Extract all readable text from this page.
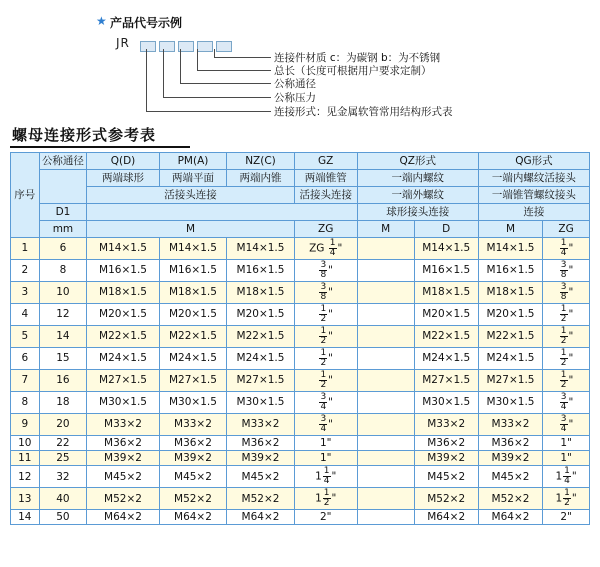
★ 产品代号示例
JR
连接件材质 c：为碳钢 b：为不锈钢
总长（长度可根据用户要求定制）
公称通径
公称压力
连接形式：见金属软管常用结构形式表
螺母连接形式参考表
序号	公称通径	Q(D)	PM(A)	NZ(C)	GZ	QZ形式		QG形式	
		两端球形	两端平面	两端内锥	两端锥管	一端内螺纹		一端内螺纹活接头	
		活接头连接			活接头连接	一端外螺纹		一端锥管螺纹接头	
	D1					球形接头连接		连接	
	mm	M			ZG	M	D	M	ZG
1	6	M14×1.5	M14×1.5	M14×1.5	ZG $\frac{1}{4}$ "		M14×1.5	M14×1.5	$\frac{1}{4}$ "
2	8	M16×1.5	M16×1.5	M16×1.5	$\frac{3}{8}$ "		M16×1.5	M16×1.5	$\frac{3}{8}$ "
3	10	M18×1.5	M18×1.5	M18×1.5	$\frac{3}{8}$ "		M18×1.5	M18×1.5	$\frac{3}{8}$ "
4	12	M20×1.5	M20×1.5	M20×1.5	$\frac{1}{2}$ "		M20×1.5	M20×1.5	$\frac{1}{2}$ "
5	14	M22×1.5	M22×1.5	M22×1.5	$\frac{1}{2}$ "		M22×1.5	M22×1.5	$\frac{1}{2}$ "
6	15	M24×1.5	M24×1.5	M24×1.5	$\frac{1}{2}$ "		M24×1.5	M24×1.5	$\frac{1}{2}$ "
7	16	M27×1.5	M27×1.5	M27×1.5	$\frac{1}{2}$ "		M27×1.5	M27×1.5	$\frac{1}{2}$ "
8	18	M30×1.5	M30×1.5	M30×1.5	$\frac{3}{4}$ "		M30×1.5	M30×1.5	$\frac{3}{4}$ "
9	20	M33×2	M33×2	M33×2	$\frac{3}{4}$ "		M33×2	M33×2	$\frac{3}{4}$ "
10	22	M36×2	M36×2	M36×2	1"		M36×2	M36×2	1"
11	25	M39×2	M39×2	M39×2	1"		M39×2	M39×2	1"
12	32	M45×2	M45×2	M45×2	$1 \frac{1}{4}$ "		M45×2	M45×2	$1 \frac{1}{4}$ "
13	40	M52×2	M52×2	M52×2	$1 \frac{1}{2}$ "		M52×2	M52×2	$1 \frac{1}{2}$ "
14	50	M64×2	M64×2	M64×2	2"		M64×2	M64×2	2"
